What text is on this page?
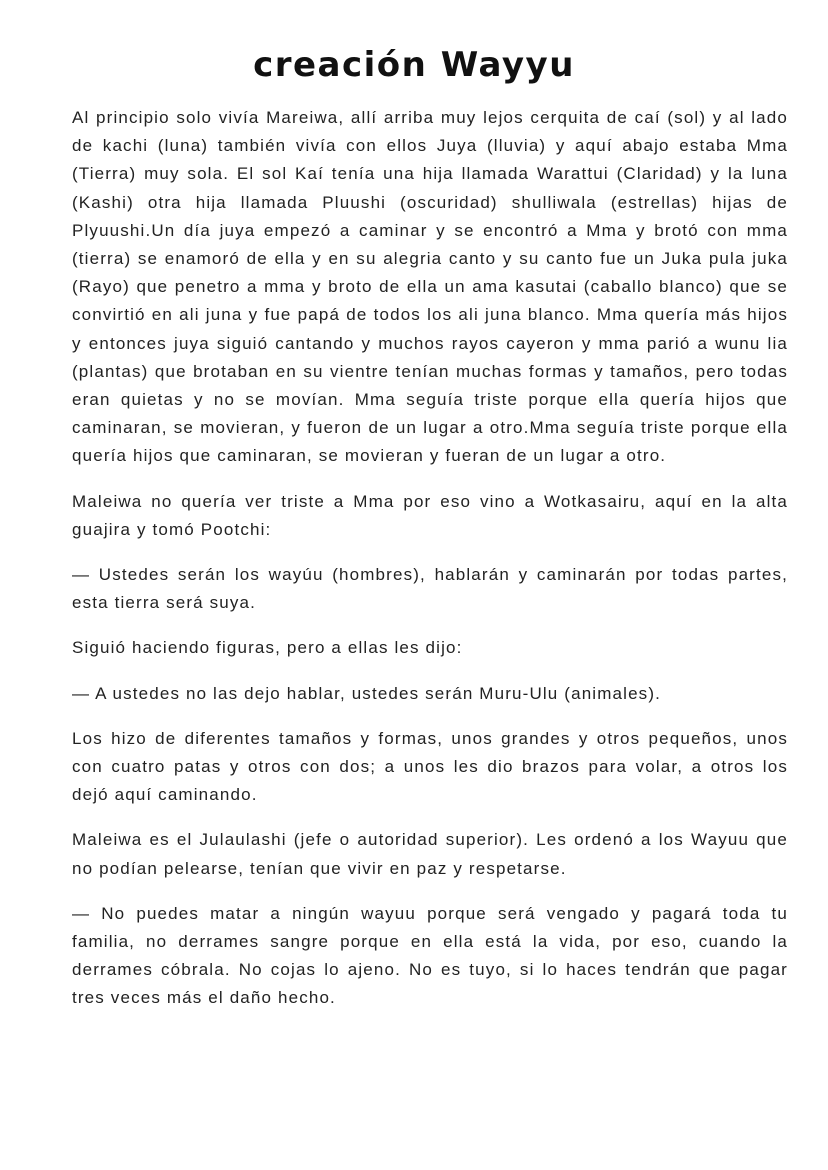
creación Wayyu

Al principio solo vivía Mareiwa, allí arriba muy lejos cerquita de caí (sol) y al lado de kachi (luna) también vivía con ellos Juya (lluvia) y aquí abajo estaba Mma (Tierra) muy sola. El sol Kaí tenía una hija llamada Warattui (Claridad) y la luna (Kashi) otra hija llamada Pluushi (oscuridad) shulliwala (estrellas) hijas de Plyuushi.Un día juya empezó a caminar y se encontró a Mma y brotó con mma (tierra) se enamoró de ella y en su alegria canto y su canto fue un Juka pula juka (Rayo) que penetro a mma y broto de ella un ama kasutai (caballo blanco) que se convirtió en ali juna y fue papá de todos los ali juna blanco. Mma quería más hijos y entonces juya siguió cantando y muchos rayos cayeron y mma parió a wunu lia (plantas) que brotaban en su vientre tenían muchas formas y tamaños, pero todas eran quietas y no se movían. Mma seguía triste porque ella quería hijos que caminaran, se movieran, y fueron de un lugar a otro.Mma seguía triste porque ella quería hijos que caminaran, se movieran y fueran de un lugar a otro.

Maleiwa no quería ver triste a Mma por eso vino a Wotkasairu, aquí en la alta guajira y tomó Pootchi:

— Ustedes serán los wayúu (hombres), hablarán y caminarán por todas partes, esta tierra será suya.

Siguió haciendo figuras, pero a ellas les dijo:

— A ustedes no las dejo hablar, ustedes serán Muru-Ulu (animales).

Los hizo de diferentes tamaños y formas, unos grandes y otros pequeños, unos con cuatro patas y otros con dos; a unos les dio brazos para volar, a otros los dejó aquí caminando.

Maleiwa es el Julaulashi (jefe o autoridad superior). Les ordenó a los Wayuu que no podían pelearse, tenían que vivir en paz y respetarse.

— No puedes matar a ningún wayuu porque será vengado y pagará toda tu familia, no derrames sangre porque en ella está la vida, por eso, cuando la derrames cóbrala. No cojas lo ajeno. No es tuyo, si lo haces tendrán que pagar tres veces más el daño hecho.
